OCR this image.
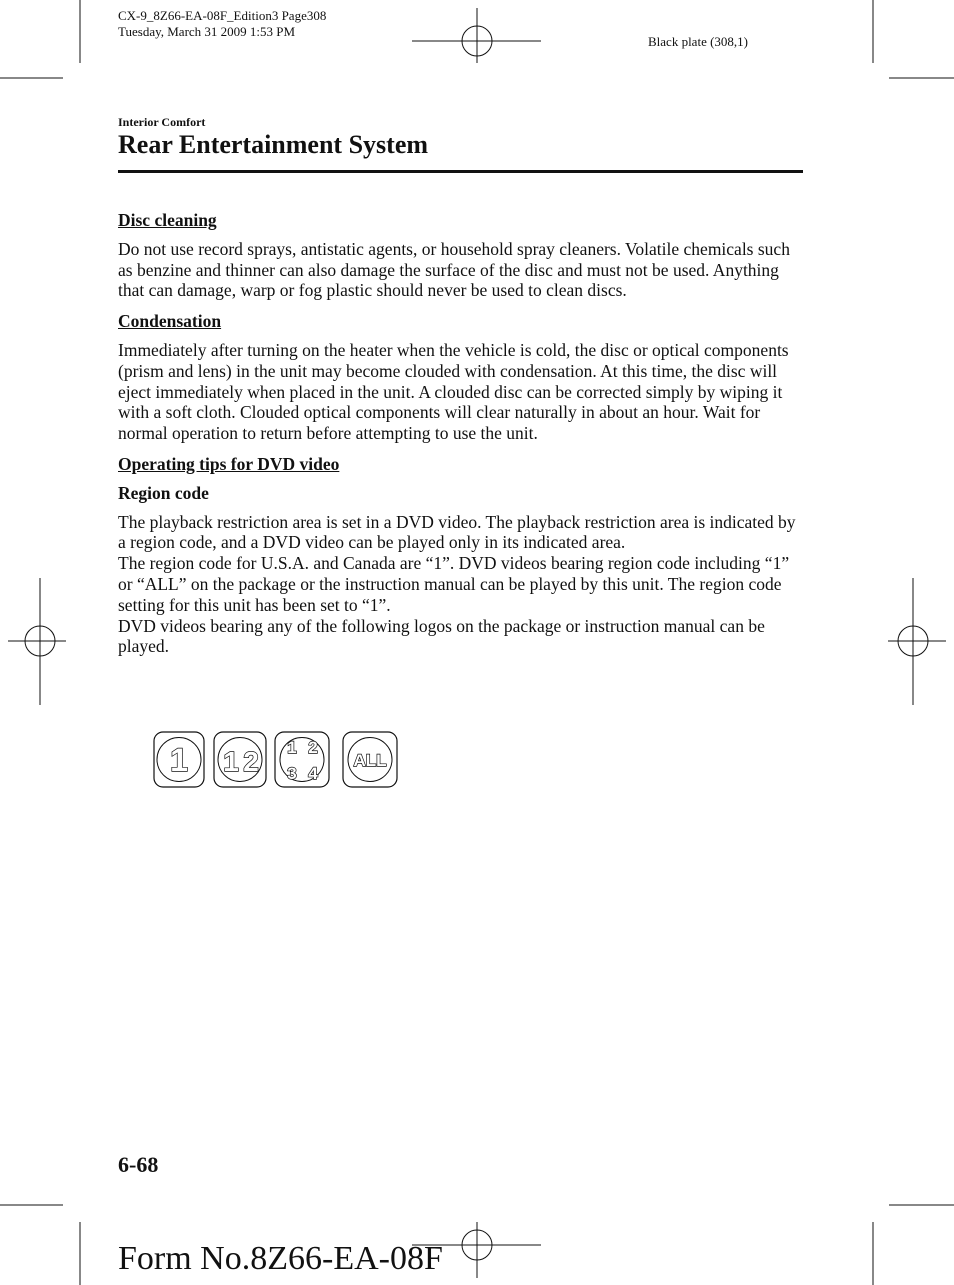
CX-9_8Z66-EA-08F_Edition3 Page308
Tuesday, March 31 2009 1:53 PM
Black plate (308,1)
Interior Comfort
Rear Entertainment System
Disc cleaning

Do not use record sprays, antistatic agents, or household spray cleaners. Volatile chemicals such as benzine and thinner can also damage the surface of the disc and must not be used. Anything that can damage, warp or fog plastic should never be used to clean discs.

Condensation

Immediately after turning on the heater when the vehicle is cold, the disc or optical components (prism and lens) in the unit may become clouded with condensation. At this time, the disc will eject immediately when placed in the unit. A clouded disc can be corrected simply by wiping it with a soft cloth. Clouded optical components will clear naturally in about an hour. Wait for normal operation to return before attempting to use the unit.

Operating tips for DVD video
Region code

The playback restriction area is set in a DVD video. The playback restriction area is indicated by a region code, and a DVD video can be played only in its indicated area.

The region code for U.S.A. and Canada are “1”. DVD videos bearing region code including “1” or “ALL” on the package or the instruction manual can be played by this unit. The region code setting for this unit has been set to “1”.

DVD videos bearing any of the following logos on the package or instruction manual can be played.

1 1 2 1 2
3 4
ALL
6-68
Form No.8Z66-EA-08F
